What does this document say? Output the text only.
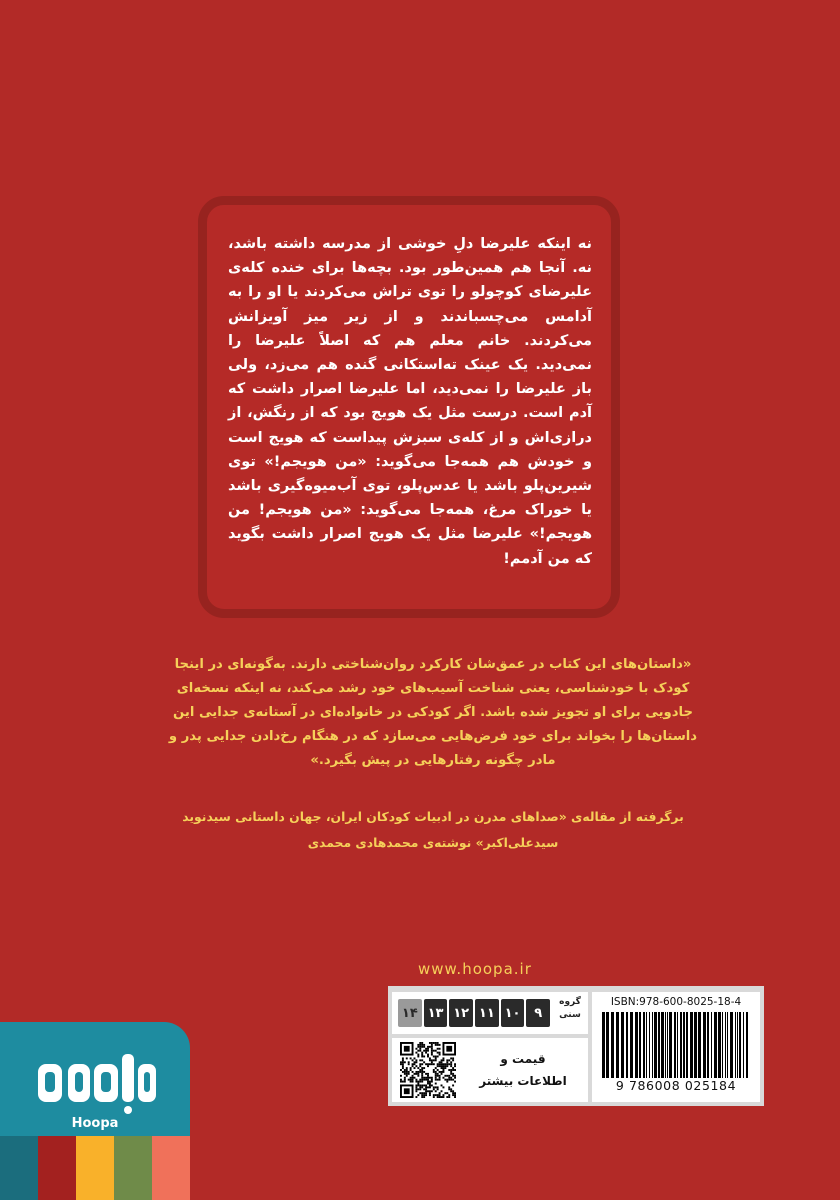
نه اینکه علیرضا دلِ خوشی از مدرسه داشته باشد، نه. آنجا هم همین‌طور بود. بچه‌ها برای خنده کله‌ی علیرضای کوچولو را توی تراش می‌کردند یا او را به آدامس می‌چسباندند و از زیر میز آویزانش می‌کردند. خانم معلم هم که اصلاً علیرضا را نمی‌دید. یک عینک ته‌استکانی گنده هم می‌زد، ولی باز علیرضا را نمی‌دید، اما علیرضا اصرار داشت که آدم است. درست مثل یک هویج بود که از رنگش، از درازی‌اش و از کله‌ی سبزش پیداست که هویج است و خودش هم همه‌جا می‌گوید: «من هویجم!» توی شیرین‌پلو باشد یا عدس‌پلو، توی آب‌میوه‌گیری باشد یا خوراک مرغ، همه‌جا می‌گوید: «من هویجم! من هویجم!» علیرضا مثل یک هویج اصرار داشت بگوید که من آدمم!
«داستان‌های این کتاب در عمق‌شان کارکرد روان‌شناختی دارند. به‌گونه‌ای در اینجا کودک با خودشناسی، یعنی شناخت آسیب‌های خود رشد می‌کند، نه اینکه نسخه‌ای جادویی برای او تجویز شده باشد. اگر کودکی در خانواده‌ای در آستانه‌ی جدایی این داستان‌ها را بخواند برای خود فرض‌هایی می‌سازد که در هنگام رخ‌دادن جدایی پدر و مادر چگونه رفتارهایی در پیش بگیرد.»
برگرفته از مقاله‌ی «صداهای مدرن در ادبیات کودکان ایران، جهان داستانی سیدنوید
سیدعلی‌اکبر» نوشته‌ی محمدهادی محمدی
www.hoopa.ir
۱۴ ۱۳ ۱۲ ۱۱ ۱۰	۹
گروه
سنی
قیمت و
اطلاعات بیشتر
ISBN:978-600-8025-18-4
9 786008 025184
Hoopa
